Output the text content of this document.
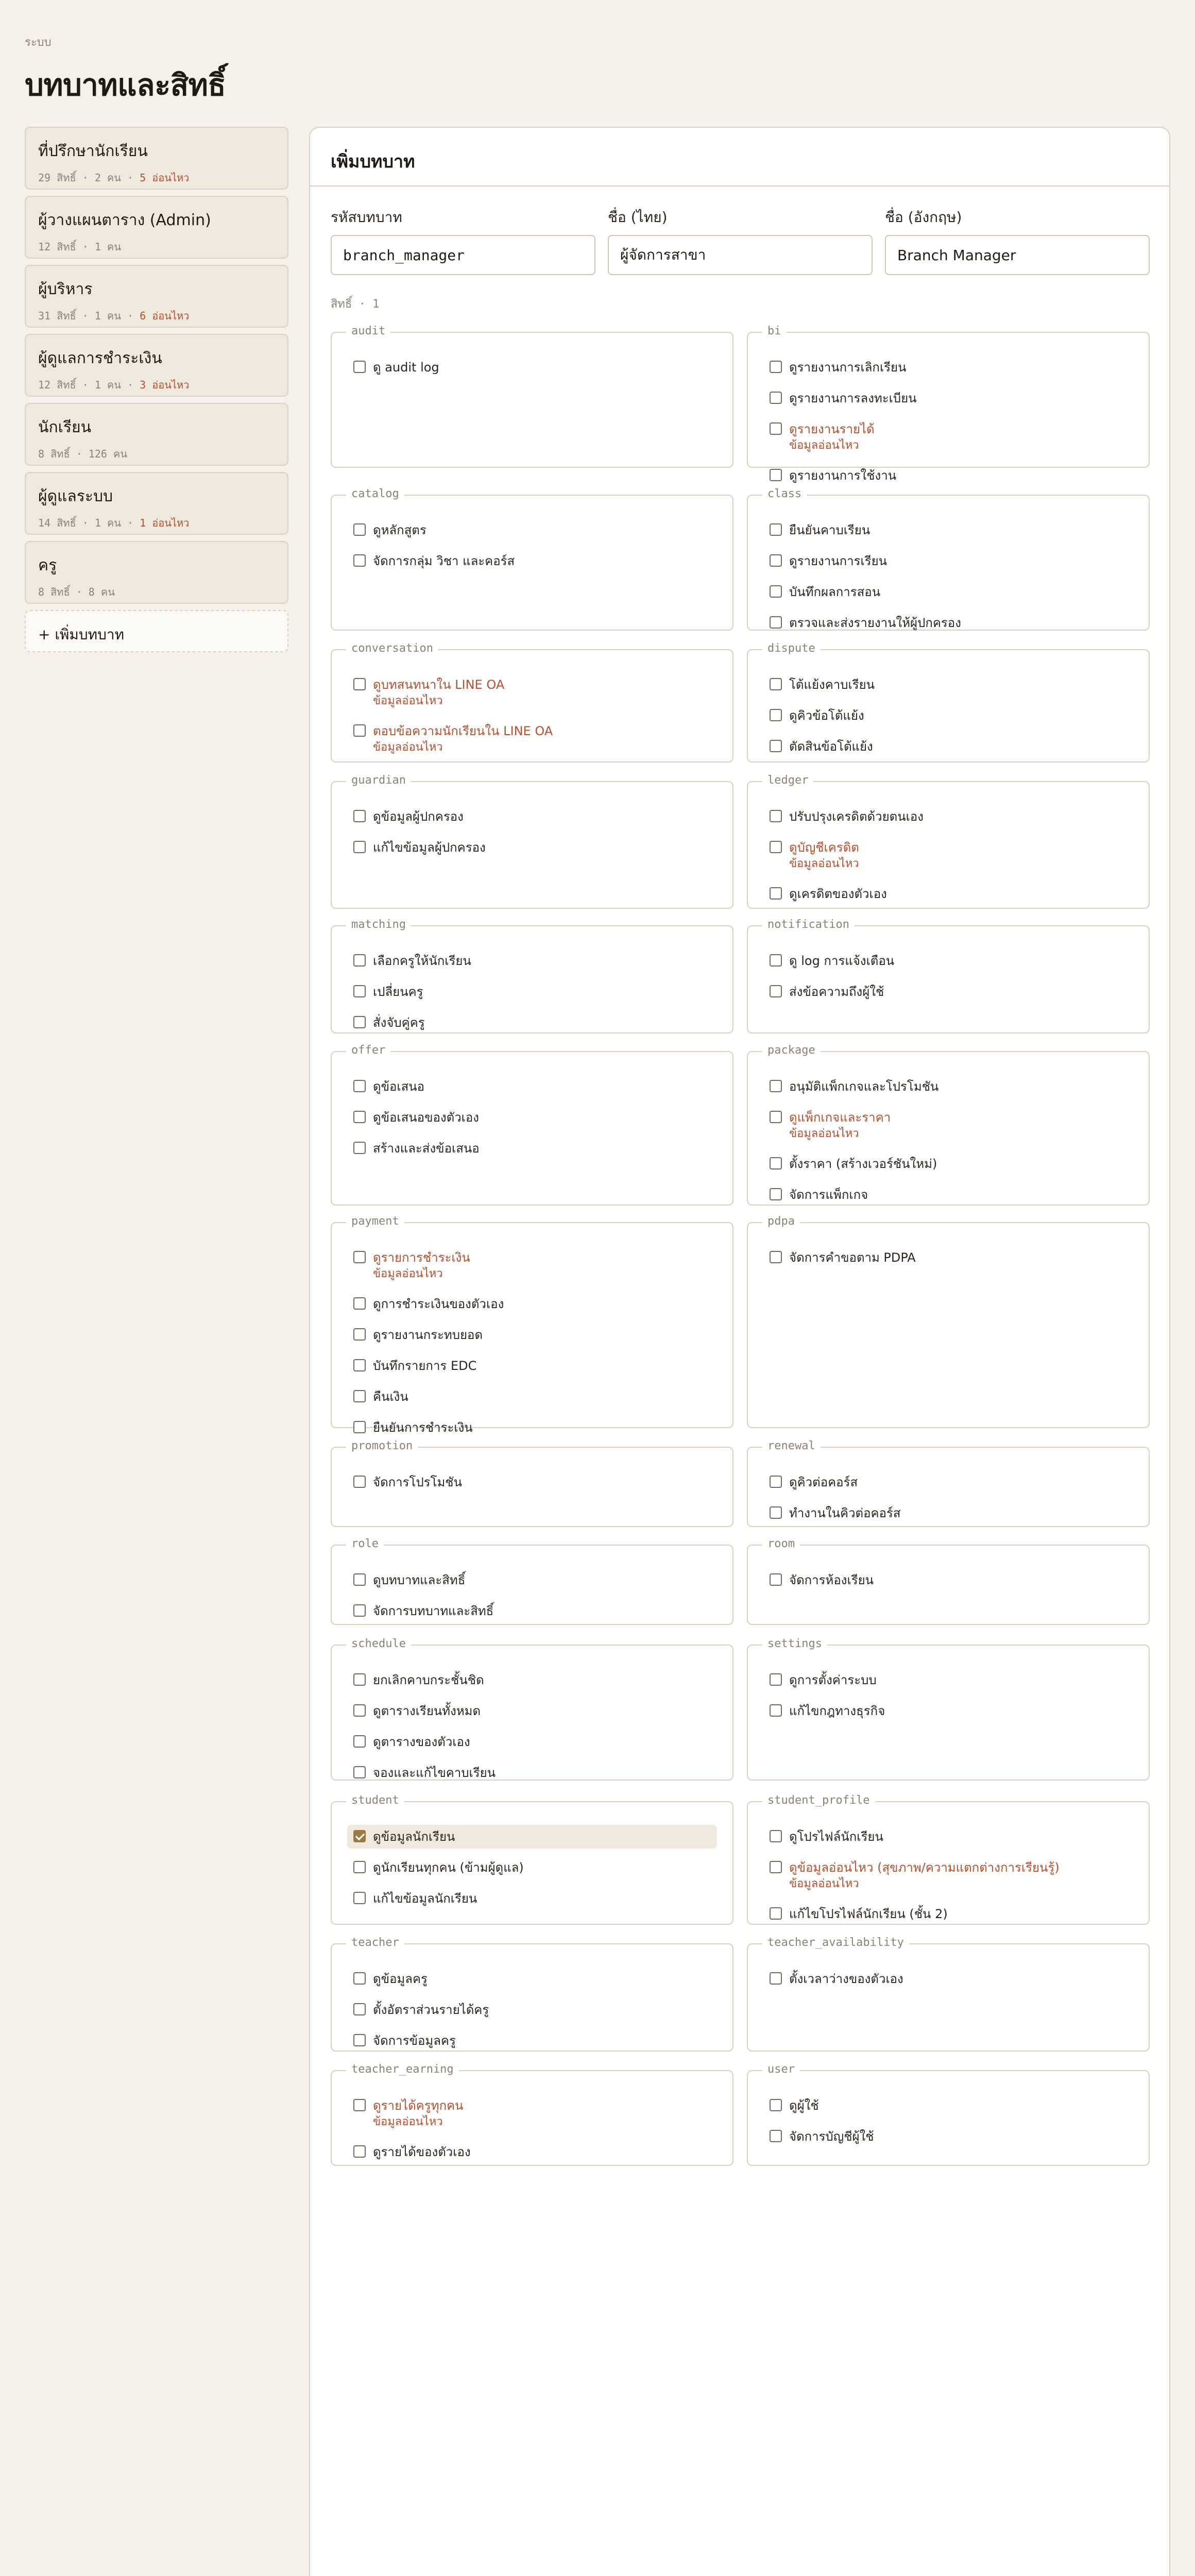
ระบบ
บทบาทและสิทธิ์
ที่ปรึกษานักเรียน
29 สิทธิ์ · 2 คน · 5 อ่อนไหว
ผู้วางแผนตาราง (Admin)
12 สิทธิ์ · 1 คน
ผู้บริหาร
31 สิทธิ์ · 1 คน · 6 อ่อนไหว
ผู้ดูแลการชำระเงิน
12 สิทธิ์ · 1 คน · 3 อ่อนไหว
นักเรียน
8 สิทธิ์ · 126 คน
ผู้ดูแลระบบ
14 สิทธิ์ · 1 คน · 1 อ่อนไหว
ครู
8 สิทธิ์ · 8 คน
+ เพิ่มบทบาท
เพิ่มบทบาท
รหัสบทบาท
branch_manager	ชื่อ (ไทย)
ผู้จัดการสาขา	ชื่อ (อังกฤษ)
Branch Manager
สิทธิ์ · 1
audit
ดู audit log
bi
ดูรายงานการเลิกเรียน
ดูรายงานการลงทะเบียน
ดูรายงานรายได้
ข้อมูลอ่อนไหว
ดูรายงานการใช้งาน
catalog
ดูหลักสูตร
จัดการกลุ่ม วิชา และคอร์ส
class
ยืนยันคาบเรียน
ดูรายงานการเรียน
บันทึกผลการสอน
ตรวจและส่งรายงานให้ผู้ปกครอง
conversation
ดูบทสนทนาใน LINE OA
ข้อมูลอ่อนไหว
ตอบข้อความนักเรียนใน LINE OA
ข้อมูลอ่อนไหว
dispute
โต้แย้งคาบเรียน
ดูคิวข้อโต้แย้ง
ตัดสินข้อโต้แย้ง
guardian
ดูข้อมูลผู้ปกครอง
แก้ไขข้อมูลผู้ปกครอง
ledger
ปรับปรุงเครดิตด้วยตนเอง
ดูบัญชีเครดิต
ข้อมูลอ่อนไหว
ดูเครดิตของตัวเอง
matching
เลือกครูให้นักเรียน
เปลี่ยนครู
สั่งจับคู่ครู
notification
ดู log การแจ้งเตือน
ส่งข้อความถึงผู้ใช้
offer
ดูข้อเสนอ
ดูข้อเสนอของตัวเอง
สร้างและส่งข้อเสนอ
package
อนุมัติแพ็กเกจและโปรโมชัน
ดูแพ็กเกจและราคา
ข้อมูลอ่อนไหว
ตั้งราคา (สร้างเวอร์ชันใหม่)
จัดการแพ็กเกจ
payment
ดูรายการชำระเงิน
ข้อมูลอ่อนไหว
ดูการชำระเงินของตัวเอง
ดูรายงานกระทบยอด
บันทึกรายการ EDC
คืนเงิน
ยืนยันการชำระเงิน
pdpa
จัดการคำขอตาม PDPA
promotion
จัดการโปรโมชัน
renewal
ดูคิวต่อคอร์ส
ทำงานในคิวต่อคอร์ส
role
ดูบทบาทและสิทธิ์
จัดการบทบาทและสิทธิ์
room
จัดการห้องเรียน
schedule
ยกเลิกคาบกระชั้นชิด
ดูตารางเรียนทั้งหมด
ดูตารางของตัวเอง
จองและแก้ไขคาบเรียน
settings
ดูการตั้งค่าระบบ
แก้ไขกฎทางธุรกิจ
student
ดูข้อมูลนักเรียน
ดูนักเรียนทุกคน (ข้ามผู้ดูแล)
แก้ไขข้อมูลนักเรียน
student_profile
ดูโปรไฟล์นักเรียน
ดูข้อมูลอ่อนไหว (สุขภาพ/ความแตกต่างการเรียนรู้)
ข้อมูลอ่อนไหว
แก้ไขโปรไฟล์นักเรียน (ชั้น 2)
teacher
ดูข้อมูลครู
ตั้งอัตราส่วนรายได้ครู
จัดการข้อมูลครู
teacher_availability
ตั้งเวลาว่างของตัวเอง
teacher_earning
ดูรายได้ครูทุกคน
ข้อมูลอ่อนไหว
ดูรายได้ของตัวเอง
user
ดูผู้ใช้
จัดการบัญชีผู้ใช้
